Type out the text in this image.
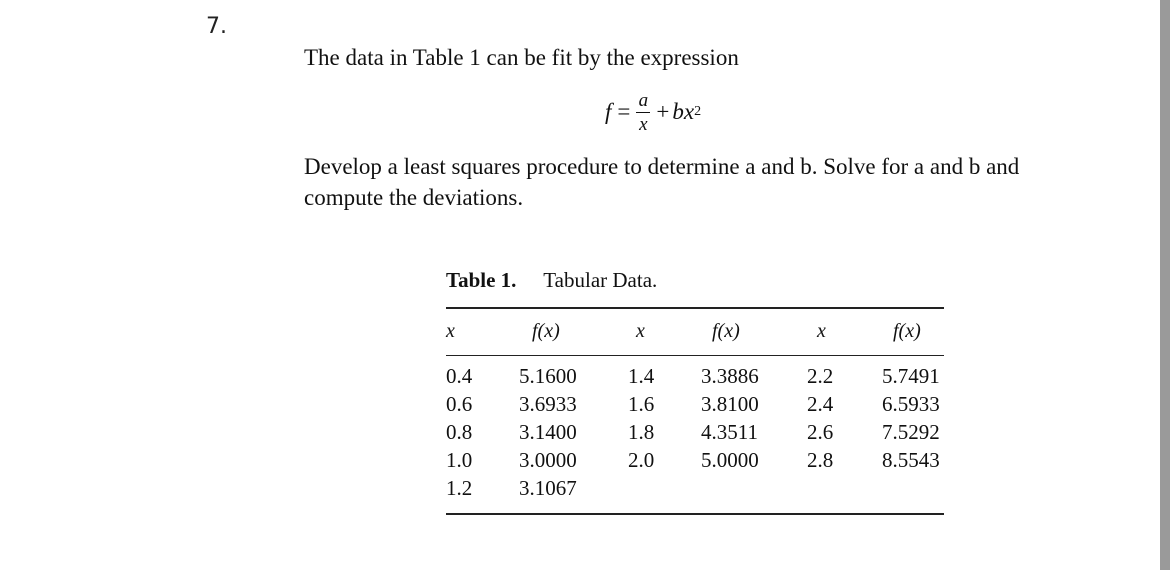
7.
The data in Table 1 can be fit by the expression
$f = \frac{a}{x}$ + bx 2
Develop a least squares procedure to determine a and b. Solve for a and b and
compute the deviations.
Table 1. Tabular Data.
x	f(x)	x	f(x)	x	f(x)
0.4 5.1600 1.4 3.3886 2.2 5.7491
0.6 3.6933 1.6 3.8100 2.4 6.5933
0.8 3.1400 1.8 4.3511 2.6 7.5292
1.0 3.0000 2.0 5.0000 2.8 8.5543
1.2 3.1067
